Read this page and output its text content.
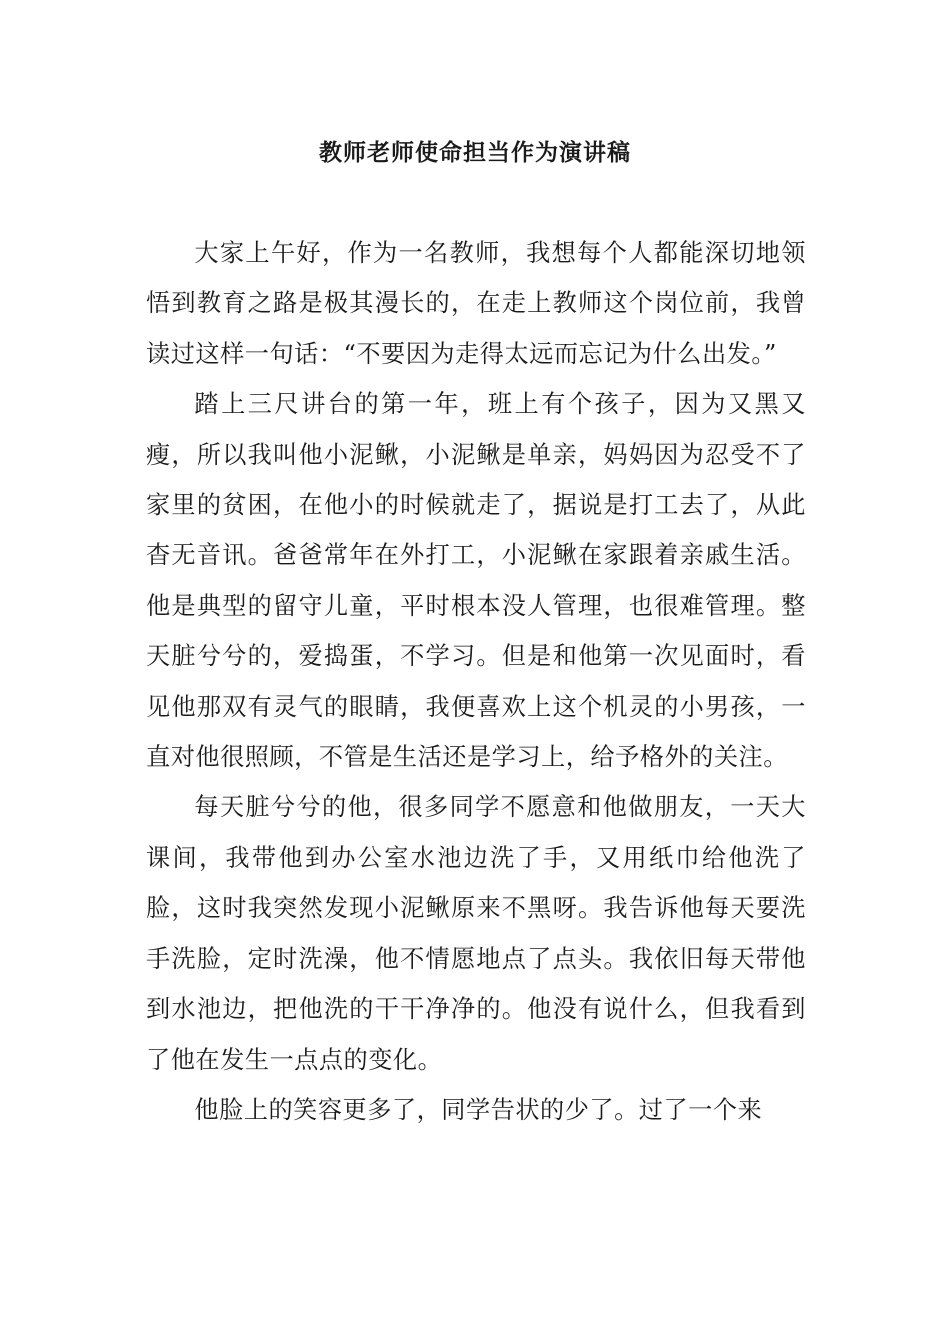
教师老师使命担当作为演讲稿

大家上午好，作为一名教师，我想每个人都能深切地领悟到教育之路是极其漫长的，在走上教师这个岗位前，我曾读过这样一句话：“不要因为走得太远而忘记为什么出发。”

踏上三尺讲台的第一年，班上有个孩子，因为又黑又瘦，所以我叫他小泥鳅，小泥鳅是单亲，妈妈因为忍受不了家里的贫困，在他小的时候就走了，据说是打工去了，从此杳无音讯。爸爸常年在外打工，小泥鳅在家跟着亲戚生活。他是典型的留守儿童，平时根本没人管理，也很难管理。整天脏兮兮的，爱捣蛋，不学习。但是和他第一次见面时，看见他那双有灵气的眼睛，我便喜欢上这个机灵的小男孩，一直对他很照顾，不管是生活还是学习上，给予格外的关注。

每天脏兮兮的他，很多同学不愿意和他做朋友，一天大课间，我带他到办公室水池边洗了手，又用纸巾给他洗了脸，这时我突然发现小泥鳅原来不黑呀。我告诉他每天要洗手洗脸，定时洗澡，他不情愿地点了点头。我依旧每天带他到水池边，把他洗的干干净净的。他没有说什么，但我看到了他在发生一点点的变化。

他脸上的笑容更多了，同学告状的少了。过了一个来
